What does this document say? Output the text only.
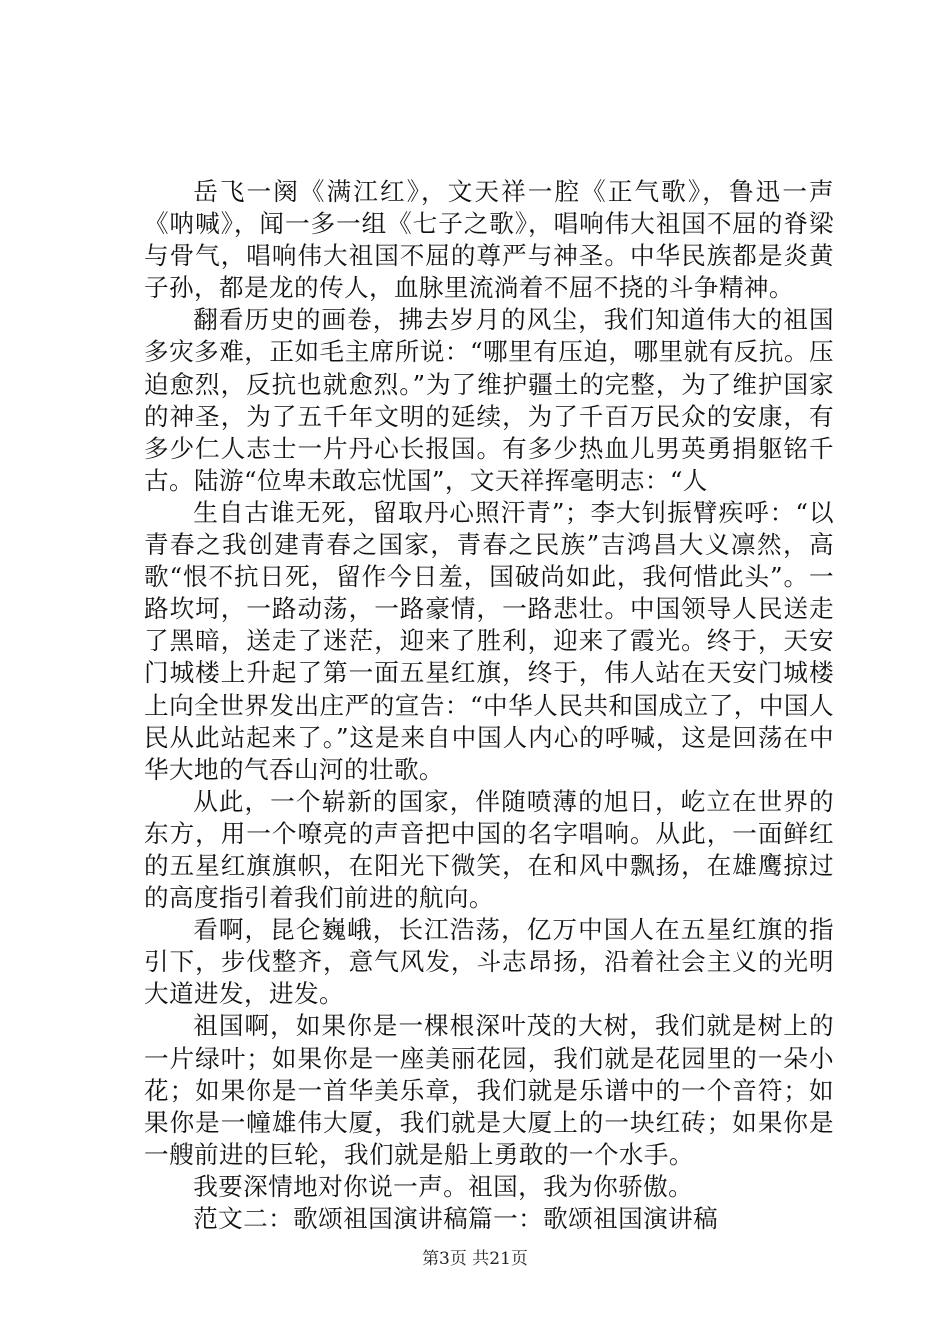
岳飞一阕《满江红》，文天祥一腔《正气歌》，鲁迅一声《呐喊》，闻一多一组《七子之歌》，唱响伟大祖国不屈的脊梁与骨气，唱响伟大祖国不屈的尊严与神圣。中华民族都是炎黄子孙，都是龙的传人，血脉里流淌着不屈不挠的斗争精神。

翻看历史的画卷，拂去岁月的风尘，我们知道伟大的祖国多灾多难，正如毛主席所说：“哪里有压迫，哪里就有反抗。压迫愈烈，反抗也就愈烈。”为了维护疆土的完整，为了维护国家的神圣，为了五千年文明的延续，为了千百万民众的安康，有多少仁人志士一片丹心长报国。有多少热血儿男英勇捐躯铭千古。陆游“位卑未敢忘忧国”，文天祥挥毫明志：“人

生自古谁无死，留取丹心照汗青”；李大钊振臂疾呼：“以青春之我创建青春之国家，青春之民族”吉鸿昌大义凛然，高歌“恨不抗日死，留作今日羞，国破尚如此，我何惜此头”。一路坎坷，一路动荡，一路豪情，一路悲壮。中国领导人民送走了黑暗，送走了迷茫，迎来了胜利，迎来了霞光。终于，天安门城楼上升起了第一面五星红旗，终于，伟人站在天安门城楼上向全世界发出庄严的宣告：“中华人民共和国成立了，中国人民从此站起来了。”这是来自中国人内心的呼喊，这是回荡在中华大地的气吞山河的壮歌。

从此，一个崭新的国家，伴随喷薄的旭日，屹立在世界的东方，用一个嘹亮的声音把中国的名字唱响。从此，一面鲜红的五星红旗旗帜，在阳光下微笑，在和风中飘扬，在雄鹰掠过的高度指引着我们前进的航向。

看啊，昆仑巍峨，长江浩荡，亿万中国人在五星红旗的指引下，步伐整齐，意气风发，斗志昂扬，沿着社会主义的光明大道进发，进发。

祖国啊，如果你是一棵根深叶茂的大树，我们就是树上的一片绿叶；如果你是一座美丽花园，我们就是花园里的一朵小花；如果你是一首华美乐章，我们就是乐谱中的一个音符；如果你是一幢雄伟大厦，我们就是大厦上的一块红砖；如果你是一艘前进的巨轮，我们就是船上勇敢的一个水手。

我要深情地对你说一声。祖国，我为你骄傲。

范文二：歌颂祖国演讲稿篇一：歌颂祖国演讲稿

第3页 共21页
